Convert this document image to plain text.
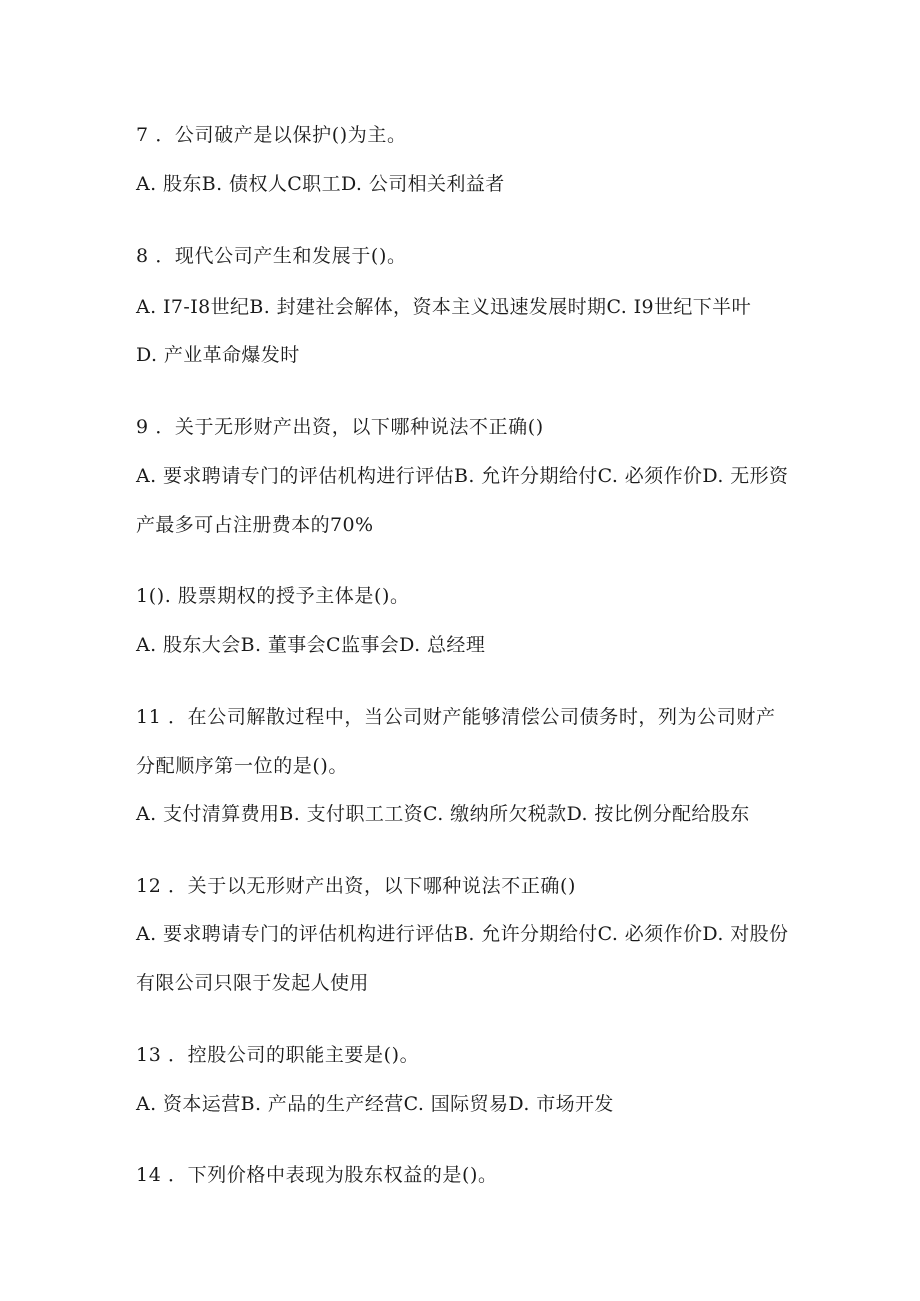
7 ．公司破产是以保护()为主。
A. 股东B. 债权人C职工D. 公司相关利益者
8 ．现代公司产生和发展于()。
A. I7-I8世纪B. 封建社会解体，资本主义迅速发展时期C. I9世纪下半叶
D. 产业革命爆发时
9 ．关于无形财产出资，以下哪种说法不正确()
A. 要求聘请专门的评估机构进行评估B. 允许分期给付C. 必须作价D. 无形资
产最多可占注册费本的70%
1(). 股票期权的授予主体是()。
A. 股东大会B. 董事会C监事会D. 总经理
11 ．在公司解散过程中，当公司财产能够清偿公司债务时，列为公司财产
分配顺序第一位的是()。
A. 支付清算费用B. 支付职工工资C. 缴纳所欠税款D. 按比例分配给股东
12 ．关于以无形财产出资，以下哪种说法不正确()
A. 要求聘请专门的评估机构进行评估B. 允许分期给付C. 必须作价D. 对股份
有限公司只限于发起人使用
13 ．控股公司的职能主要是()。
A. 资本运营B. 产品的生产经营C. 国际贸易D. 市场开发
14 ．下列价格中表现为股东权益的是()。
